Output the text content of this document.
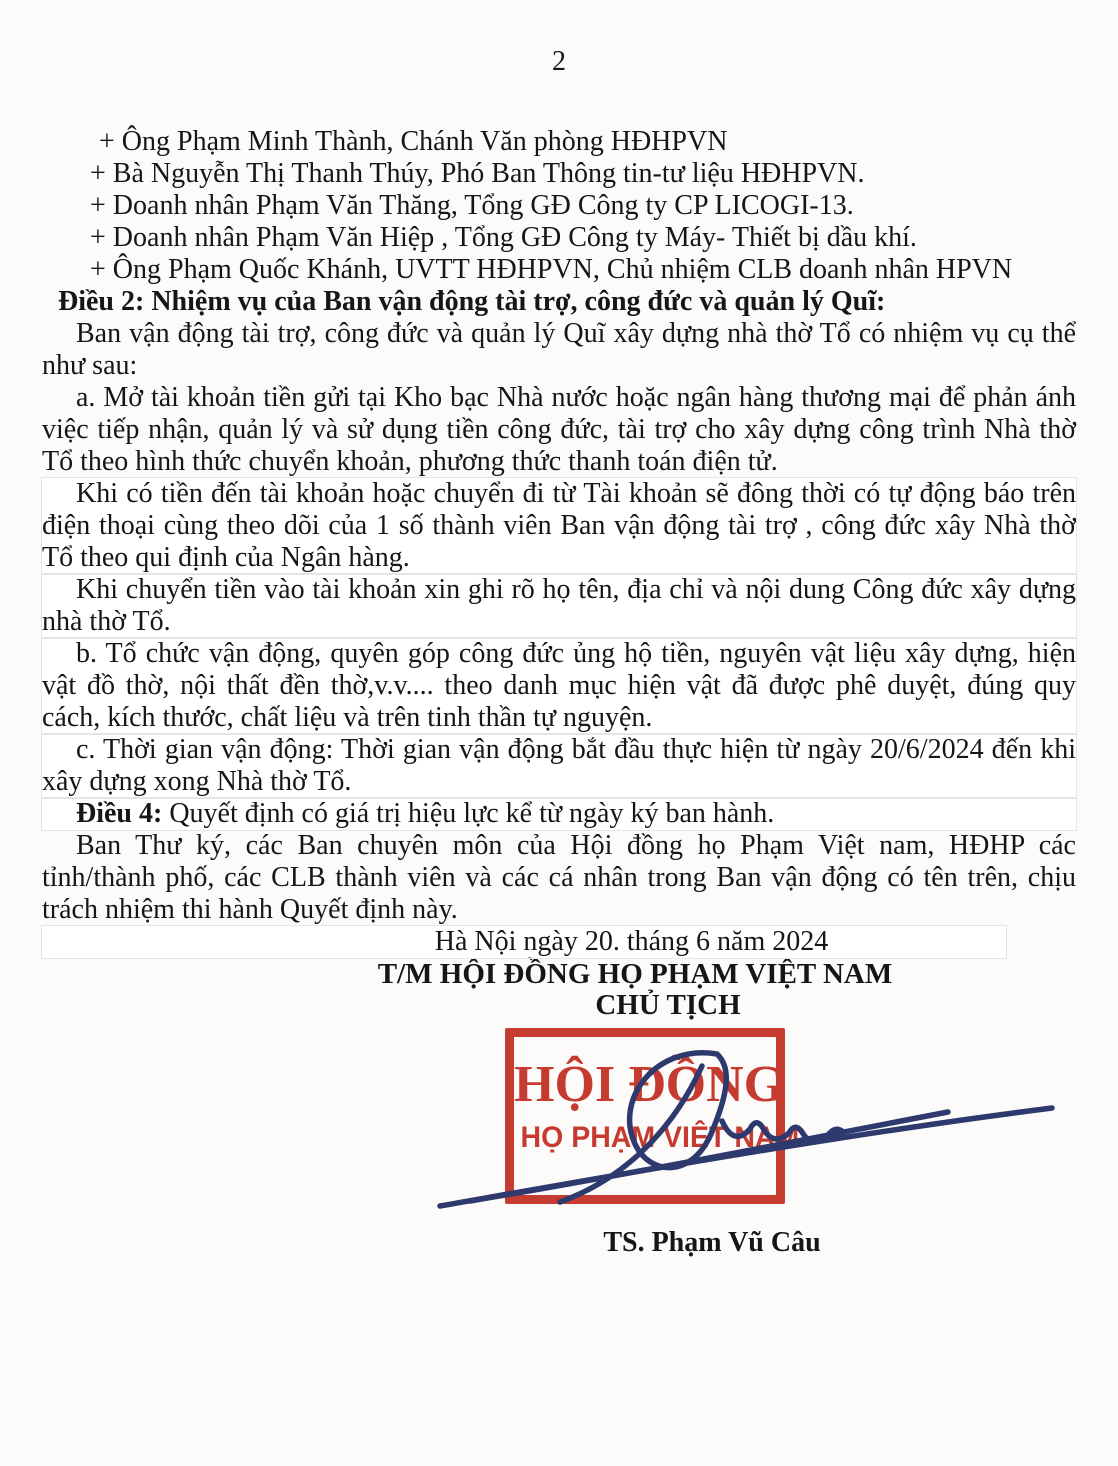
2
+ Ông Phạm Minh Thành, Chánh Văn phòng HĐHPVN
+ Bà Nguyễn Thị Thanh Thúy, Phó Ban Thông tin-tư liệu HĐHPVN.
+ Doanh nhân Phạm Văn Thăng, Tổng GĐ Công ty CP LICOGI-13.
+ Doanh nhân Phạm Văn Hiệp , Tổng GĐ Công ty Máy- Thiết bị dầu khí.
+ Ông Phạm Quốc Khánh, UVTT HĐHPVN, Chủ nhiệm CLB doanh nhân HPVN

Điều 2: Nhiệm vụ của Ban vận động tài trợ, công đức và quản lý Quĩ:

Ban vận động tài trợ, công đức và quản lý Quĩ xây dựng nhà thờ Tổ có nhiệm vụ cụ thể như sau:

a. Mở tài khoản tiền gửi tại Kho bạc Nhà nước hoặc ngân hàng thương mại để phản ánh việc tiếp nhận, quản lý và sử dụng tiền công đức, tài trợ cho xây dựng công trình Nhà thờ Tổ theo hình thức chuyển khoản, phương thức thanh toán điện tử.

Khi có tiền đến tài khoản hoặc chuyển đi từ Tài khoản sẽ đông thời có tự động báo trên điện thoại cùng theo dõi của 1 số thành viên Ban vận động tài trợ , công đức xây Nhà thờ Tổ theo qui định của Ngân hàng.

Khi chuyển tiền vào tài khoản xin ghi rõ họ tên, địa chỉ và nội dung Công đức xây dựng nhà thờ Tổ.

b. Tổ chức vận động, quyên góp công đức ủng hộ tiền, nguyên vật liệu xây dựng, hiện vật đồ thờ, nội thất đền thờ,v.v.... theo danh mục hiện vật đã được phê duyệt, đúng quy cách, kích thước, chất liệu và trên tinh thần tự nguyện.

c. Thời gian vận động: Thời gian vận động bắt đầu thực hiện từ ngày 20/6/2024 đến khi xây dựng xong Nhà thờ Tổ.

Điều 4: Quyết định có giá trị hiệu lực kể từ ngày ký ban hành.

Ban Thư ký, các Ban chuyên môn của Hội đồng họ Phạm Việt nam, HĐHP các tỉnh/thành phố, các CLB thành viên và các cá nhân trong Ban vận động có tên trên, chịu trách nhiệm thi hành Quyết định này.

Hà Nội ngày 20. tháng 6 năm 2024
T/M HỘI ĐỒNG HỌ PHẠM VIỆT NAM
CHỦ TỊCH
HỘI ĐỒNG
HỌ PHẠM VIỆT NAM
TS. Phạm Vũ Câu
